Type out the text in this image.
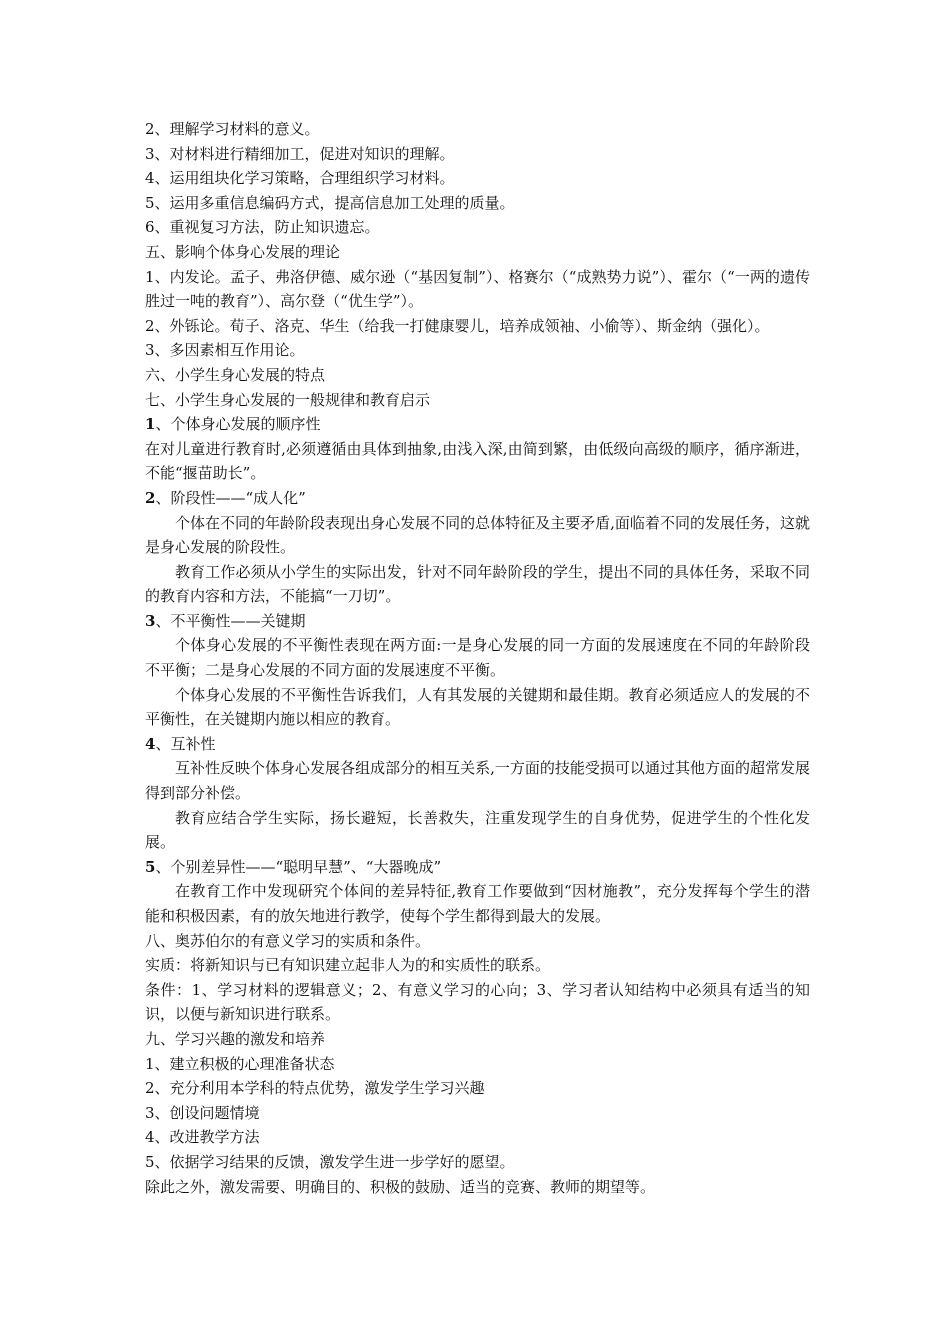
2、理解学习材料的意义。

3、对材料进行精细加工，促进对知识的理解。

4、运用组块化学习策略，合理组织学习材料。

5、运用多重信息编码方式，提高信息加工处理的质量。

6、重视复习方法，防止知识遗忘。

五、影响个体身心发展的理论

1、内发论。孟子、弗洛伊德、威尔逊（“基因复制”）、格赛尔（“成熟势力说”）、霍尔（“一两的遗传胜过一吨的教育”）、高尔登（“优生学”）。

2、外铄论。荀子、洛克、华生（给我一打健康婴儿，培养成领袖、小偷等）、斯金纳（强化）。

3、多因素相互作用论。

六、小学生身心发展的特点

七、小学生身心发展的一般规律和教育启示

1、个体身心发展的顺序性

在对儿童进行教育时,必须遵循由具体到抽象,由浅入深,由简到繁，由低级向高级的顺序，循序渐进，不能“揠苗助长”。

2、阶段性——“成人化”

个体在不同的年龄阶段表现出身心发展不同的总体特征及主要矛盾,面临着不同的发展任务，这就是身心发展的阶段性。

教育工作必须从小学生的实际出发，针对不同年龄阶段的学生，提出不同的具体任务，采取不同的教育内容和方法，不能搞“一刀切”。

3、不平衡性——关键期

个体身心发展的不平衡性表现在两方面:一是身心发展的同一方面的发展速度在不同的年龄阶段不平衡；二是身心发展的不同方面的发展速度不平衡。

个体身心发展的不平衡性告诉我们，人有其发展的关键期和最佳期。教育必须适应人的发展的不平衡性，在关键期内施以相应的教育。

4、互补性

互补性反映个体身心发展各组成部分的相互关系,一方面的技能受损可以通过其他方面的超常发展得到部分补偿。

教育应结合学生实际，扬长避短，长善救失，注重发现学生的自身优势，促进学生的个性化发展。

5、个别差异性——“聪明早慧”、“大器晚成”

在教育工作中发现研究个体间的差异特征,教育工作要做到“因材施教”，充分发挥每个学生的潜能和积极因素，有的放矢地进行教学，使每个学生都得到最大的发展。

八、奥苏伯尔的有意义学习的实质和条件。

实质：将新知识与已有知识建立起非人为的和实质性的联系。

条件：1、学习材料的逻辑意义；2、有意义学习的心向；3、学习者认知结构中必须具有适当的知识，以便与新知识进行联系。

九、学习兴趣的激发和培养

1、建立积极的心理准备状态

2、充分利用本学科的特点优势，激发学生学习兴趣

3、创设问题情境

4、改进教学方法

5、依据学习结果的反馈，激发学生进一步学好的愿望。

除此之外，激发需要、明确目的、积极的鼓励、适当的竞赛、教师的期望等。
